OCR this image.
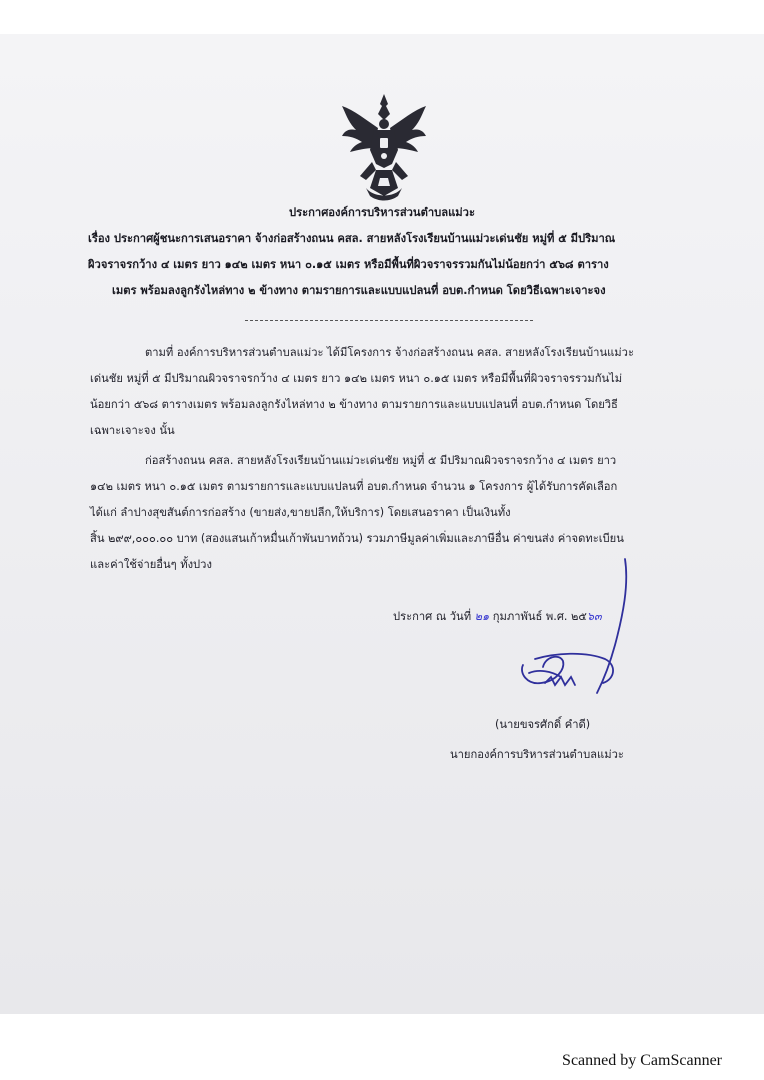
ประกาศองค์การบริหารส่วนตำบลแม่วะ
เรื่อง ประกาศผู้ชนะการเสนอราคา จ้างก่อสร้างถนน คสล. สายหลังโรงเรียนบ้านแม่วะเด่นชัย หมู่ที่ ๕ มีปริมาณ
ผิวจราจรกว้าง ๔ เมตร ยาว ๑๔๒ เมตร หนา ๐.๑๕ เมตร หรือมีพื้นที่ผิวจราจรรวมกันไม่น้อยกว่า ๕๖๘ ตาราง
เมตร พร้อมลงลูกรังไหล่ทาง ๒ ข้างทาง ตามรายการและแบบแปลนที่ อบต.กำหนด โดยวิธีเฉพาะเจาะจง
ตามที่ องค์การบริหารส่วนตำบลแม่วะ ได้มีโครงการ จ้างก่อสร้างถนน คสล. สายหลังโรงเรียนบ้านแม่วะ
เด่นชัย หมู่ที่ ๕ มีปริมาณผิวจราจรกว้าง ๔ เมตร ยาว ๑๔๒ เมตร หนา ๐.๑๕ เมตร หรือมีพื้นที่ผิวจราจรรวมกันไม่
น้อยกว่า ๕๖๘ ตารางเมตร พร้อมลงลูกรังไหล่ทาง ๒ ข้างทาง ตามรายการและแบบแปลนที่ อบต.กำหนด โดยวิธี
เฉพาะเจาะจง นั้น
ก่อสร้างถนน คสล. สายหลังโรงเรียนบ้านแม่วะเด่นชัย หมู่ที่ ๕ มีปริมาณผิวจราจรกว้าง ๔ เมตร ยาว
๑๔๒ เมตร หนา ๐.๑๕ เมตร ตามรายการและแบบแปลนที่ อบต.กำหนด จำนวน ๑ โครงการ ผู้ได้รับการคัดเลือก
ได้แก่ ลำปางสุขสันต์การก่อสร้าง (ขายส่ง,ขายปลีก,ให้บริการ) โดยเสนอราคา เป็นเงินทั้ง
สิ้น ๒๙๙,๐๐๐.๐๐ บาท (สองแสนเก้าหมื่นเก้าพันบาทถ้วน) รวมภาษีมูลค่าเพิ่มและภาษีอื่น ค่าขนส่ง ค่าจดทะเบียน
และค่าใช้จ่ายอื่นๆ ทั้งปวง
ประกาศ ณ วันที่ ๒๑ กุมภาพันธ์ พ.ศ. ๒๕๖๓
(นายขจรศักดิ์ คำดี)
นายกองค์การบริหารส่วนตำบลแม่วะ
Scanned by CamScanner
